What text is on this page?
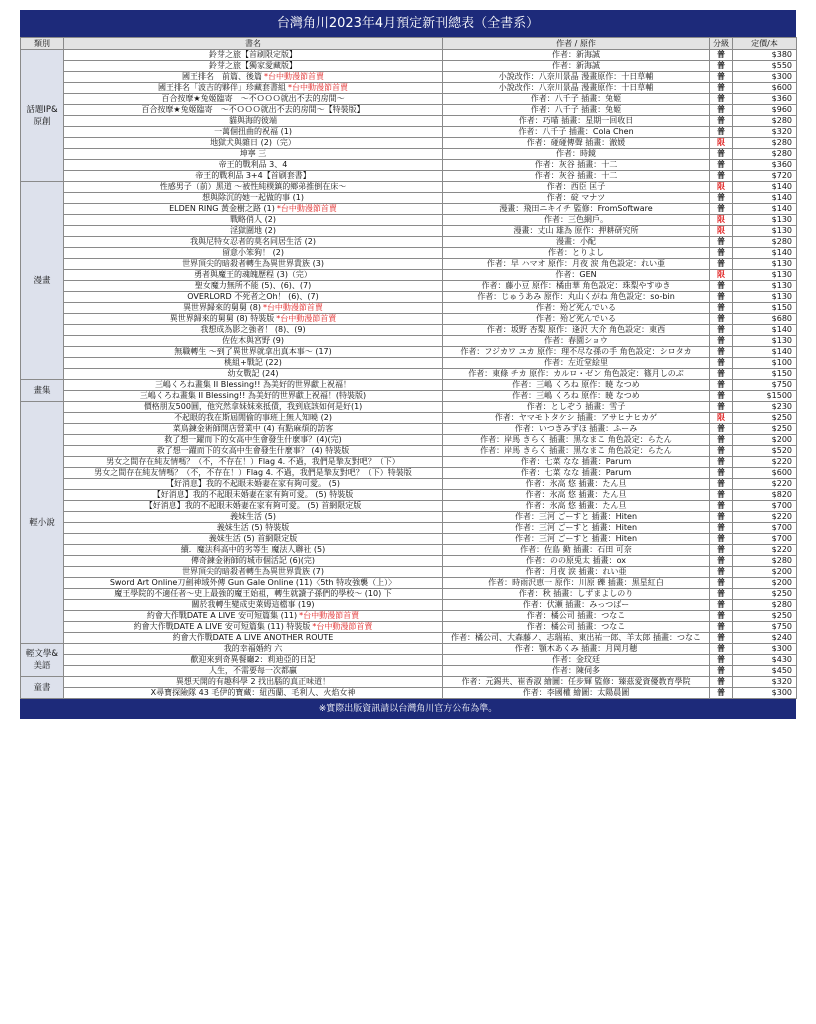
台灣角川2023年4月預定新刊總表（全書系）
類別	書名	作者 / 原作	分級	定價/本
話題IP&原創	鈴芽之旅【首刷限定版】	作者：新海誠	普	$380
	鈴芽之旅【獨家愛藏版】	作者：新海誠	普	$550
	國王排名　前篇、後篇 *台中動漫節首賣	小說改作：八奈川景晶 漫畫原作：十日草輔	普	$300
	國王排名「波吉的夥伴」珍藏套書組 *台中動漫節首賣	小說改作：八奈川景晶 漫畫原作：十日草輔	普	$600
	百合按摩★兔姬臨寄　～不ＯＯＯ就出不去的房間～	作者：八千子 插畫：兔姬	普	$360
	百合按摩★兔姬臨寄　～不ＯＯＯ就出不去的房間～【特裝版】	作者：八千子 插畫：兔姬	普	$960
	貓與海的彼端	作者：巧喵 插畫：星期一回收日	普	$280
	一萬個扭曲的祝福 (1)	作者：八千子 插畫：Cola Chen	普	$320
	地獄犬與雜日 (2)（完）	作者：碰碰傳聲 插畫：澈媛	限	$280
	坤寧 三	作者：時鏡	普	$280
	帝王的戰利品 3、4	作者：灰谷 插畫：十二	普	$360
	帝王的戰利品 3+4【首刷套書】	作者：灰谷 插畫：十二	普	$720
漫畫	性感男子（前）黑道 ～被性純樸鎮的鄉弟推倒在床～	作者：西臣 匡子	限	$140
	想與除沉的她一起做的事 (1)	作者：碇 マナツ	普	$140
	ELDEN RING 黃金樹之路 (1) *台中動漫節首賣	漫畫：飛田ニキイチ 監修：FromSoftware	普	$140
	戰略俏人 (2)	作者：三色網戶。	限	$130
	淫獄圍地 (2)	漫畫：丈山 雄為 原作：押耕研究所	限	$130
	我與尼特女忍者的莫名同居生活 (2)	漫畫：小配	普	$280
	留意小笨狗！ (2)	作者：とりよし	普	$140
	世界頂尖的暗殺者轉生為異世界貴族 (3)	作者：早 ハマオ 原作：月夜 涙 角色設定：れい亜	普	$130
	勇者與魔王的魂魄歷程 (3)（完）	作者：GEN	限	$130
	聖女魔力無所不能 (5)、(6)、(7)	作者：藤小豆 原作：橘由華 角色設定：珠梨やすゆき	普	$130
	OVERLORD 不死者之Oh！ (6)、(7)	作者：じゅうあみ 原作：丸山くがね 角色設定：so-bin	普	$130
	異世界歸來的舅舅 (8) *台中動漫節首賣	作者：殆ど死んでいる	普	$150
	異世界歸來的舅舅 (8) 特裝版 *台中動漫節首賣	作者：殆ど死んでいる	普	$680
	我想成為影之強者！ (8)、(9)	作者：坂野 杏梨 原作：逢沢 大介 角色設定：東西	普	$140
	佐佐木與宮野 (9)	作者：春園ショウ	普	$130
	無職轉生 ～到了異世界就拿出真本事～ (17)	作者：フジカワ ユカ 原作：理不尽な孫の手 角色設定：シロタカ	普	$140
	桃組+戰記 (22)	作者：左近堂絵里	普	$100
	幼女戰記 (24)	作者：東條 チカ 原作：カルロ・ゼン 角色設定：篠月しのぶ	普	$150
畫集	三嶋くろね畫集 II Blessing!! 為美好的世界獻上祝福！	作者：三嶋 くろね 原作：暁 なつめ	普	$750
	三嶋くろね畫集 II Blessing!! 為美好的世界獻上祝福！(特裝版)	作者：三嶋 くろね 原作：暁 なつめ	普	$1500
輕小說	價格朋友500圓，他究然拿妹妹來抵債，我到底該如何是好(1)	作者：としぞう 插畫：雪子	普	$230
	不起眼的我在斯屆閒偷的事班上無人知曉 (2)	作者：ヤマモトタケシ 插畫：アサヒナヒカゲ	限	$250
	菜鳥鍊金術師開店營業中 (4) 有點麻煩的訪客	作者：いつきみずほ 插畫：ふーみ	普	$250
	救了想一躍而下的女高中生會發生什麼事？(4)(完)	作者：岸馬 きらく 插畫：黒なまこ 角色設定：らたん	普	$200
	救了想一躍而下的女高中生會發生什麼事？ (4) 特裝版	作者：岸馬 きらく 插畫：黒なまこ 角色設定：らたん	普	$520
	男女之間存在純友情嗎？（不，不存在！）Flag 4. 不過，我們是摯友對吧？（下）	作者：七菜 なな 插畫：Parum	普	$220
	男女之間存在純友情嗎？（不，不存在！）Flag 4. 不過，我們是摯友對吧？（下）特裝版	作者：七菜 なな 插畫：Parum	普	$600
	【好消息】我的不起眼未婚妻在家有夠可愛。 (5)	作者：氷高 悠 插畫：たん旦	普	$220
	【好消息】我的不起眼未婚妻在家有夠可愛。 (5) 特裝版	作者：氷高 悠 插畫：たん旦	普	$820
	【好消息】我的不起眼未婚妻在家有夠可愛。 (5) 首網限定版	作者：氷高 悠 插畫：たん旦	普	$700
	義妹生活 (5)	作者：三河 ごーすと 插畫：Hiten	普	$220
	義妹生活 (5) 特裝版	作者：三河 ごーすと 插畫：Hiten	普	$700
	義妹生活 (5) 首網限定版	作者：三河 ごーすと 插畫：Hiten	普	$700
	續．魔法科高中的劣等生 魔法人聯社 (5)	作者：佐島 勤 插畫：石田 可奈	普	$220
	傳奇鍊金術師的城市個活記 (6)(完)	作者：のの原兎太 插畫：ox	普	$280
	世界頂尖的暗殺者轉生為異世界貴族 (7)	作者：月夜 涙 插畫：れい亜	普	$200
	Sword Art Online刀劍神域外傳 Gun Gale Online (11)〈5th 特攻強襲（上）〉	作者：時雨沢恵一 原作：川原 礫 插畫：黒星紅白	普	$200
	魔王學院的不適任者～史上最強的魔王始祖，轉生就讀子孫們的學校～ (10) 下	作者：秋 插畫：しずまよしのり	普	$250
	關於我轉生變成史萊姆這檔事 (19)	作者：伏瀬 插畫：みっつばー	普	$280
	約會大作戰DATE A LIVE 安可短篇集 (11) *台中動漫節首賣	作者：橘公司 插畫：つなこ	普	$250
	約會大作戰DATE A LIVE 安可短篇集 (11) 特裝版 *台中動漫節首賣	作者：橘公司 插畫：つなこ	普	$750
	約會大作戰DATE A LIVE ANOTHER ROUTE	作者：橘公司、大森藤ノ、志瑞祐、東出祐一郎、羊太郎 插畫：つなこ	普	$240
輕文學&美語	我的幸福婚約 六	作者：顎木あくみ 插畫：月岡月穂	普	$300
	歡迎來到奇異餐廳2：莉迪亞的日記	作者：金玟廷	普	$430
	人生，不需要每一次都贏	作者：陳伺多	普	$450
童書	異想天開的有趣科學 2 找出腦的真正味道！	作者：元錫共、崔香淑 繪圖：任步輝 監修：臻茲愛資優教育學院	普	$320
	X尋寶探險隊 43 毛伊的寶藏：紐西蘭、毛利人、火焰女神	作者：李國權 繪圖：太陽晨圖	普	$300
※實際出版資訊請以台灣角川官方公布為準。
